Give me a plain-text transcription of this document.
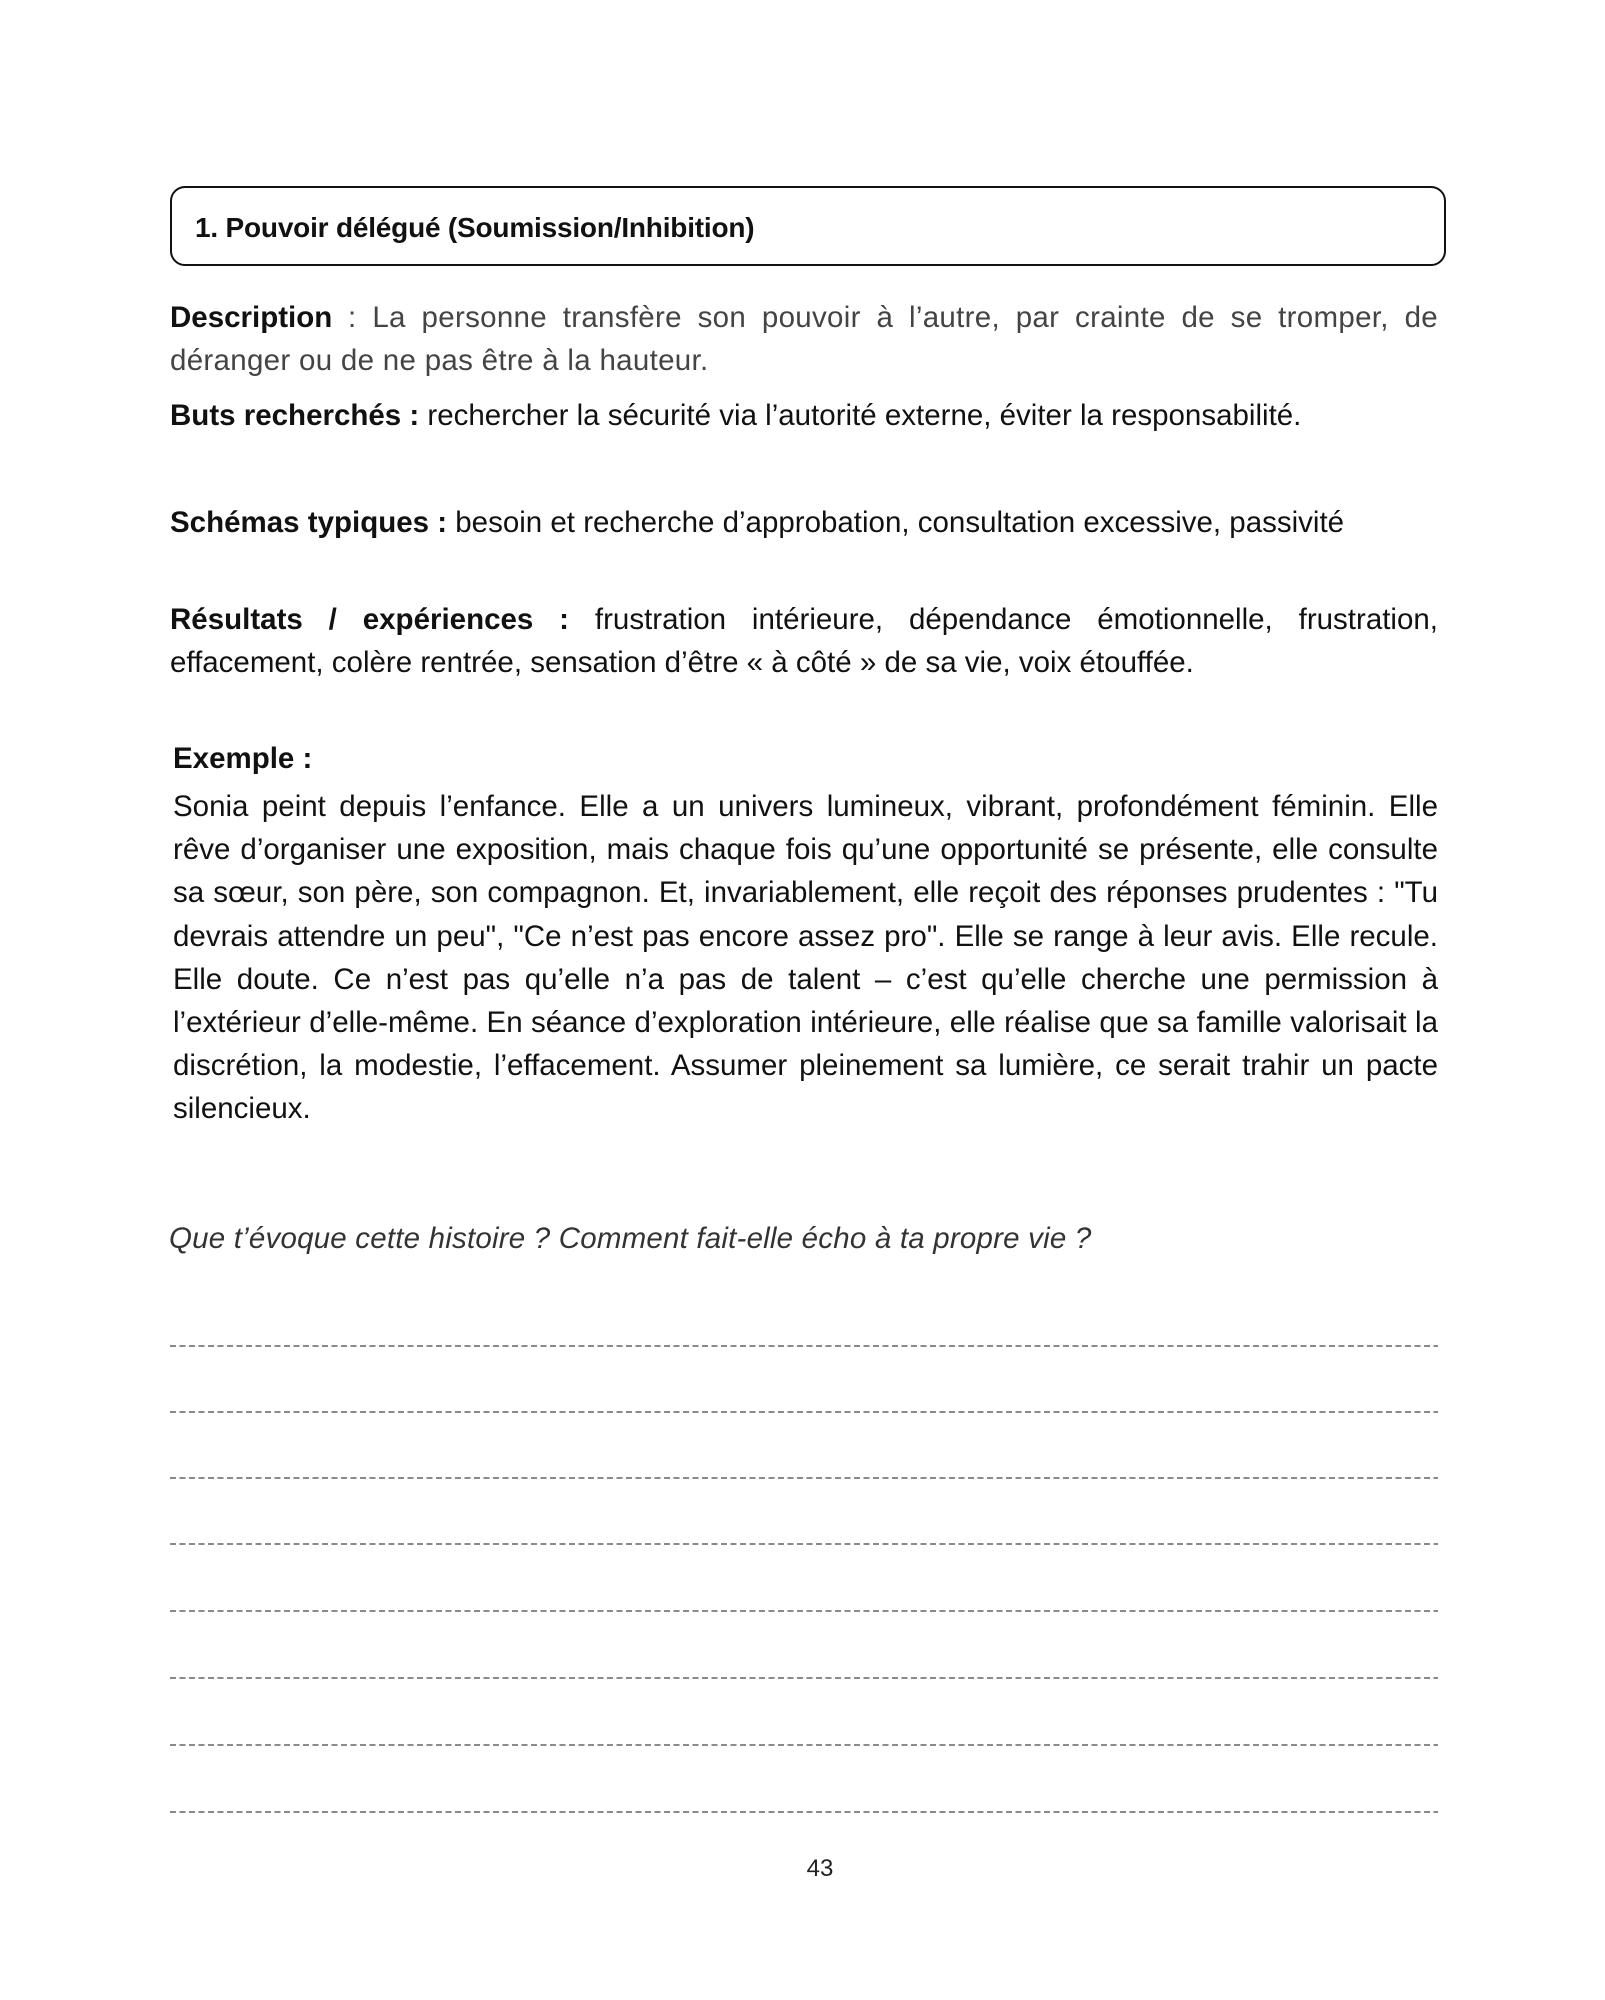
1. Pouvoir délégué (Soumission/Inhibition)

Description : La personne transfère son pouvoir à l’autre, par crainte de se tromper, de déranger ou de ne pas être à la hauteur.

Buts recherchés : rechercher la sécurité via l’autorité externe, éviter la responsabilité.

Schémas typiques : besoin et recherche d’approbation, consultation excessive, passivité

Résultats / expériences : frustration intérieure, dépendance émotionnelle, frustration, effacement, colère rentrée, sensation d’être « à côté » de sa vie, voix étouffée.

Exemple :

Sonia peint depuis l’enfance. Elle a un univers lumineux, vibrant, profondément féminin. Elle rêve d’organiser une exposition, mais chaque fois qu’une opportunité se présente, elle consulte sa sœur, son père, son compagnon. Et, invariablement, elle reçoit des réponses prudentes : "Tu devrais attendre un peu", "Ce n’est pas encore assez pro". Elle se range à leur avis. Elle recule. Elle doute. Ce n’est pas qu’elle n’a pas de talent – c’est qu’elle cherche une permission à l’extérieur d’elle-même. En séance d’exploration intérieure, elle réalise que sa famille valorisait la discrétion, la modestie, l’effacement. Assumer pleinement sa lumière, ce serait trahir un pacte silencieux.

Que t’évoque cette histoire ? Comment fait-elle écho à ta propre vie ?
43
